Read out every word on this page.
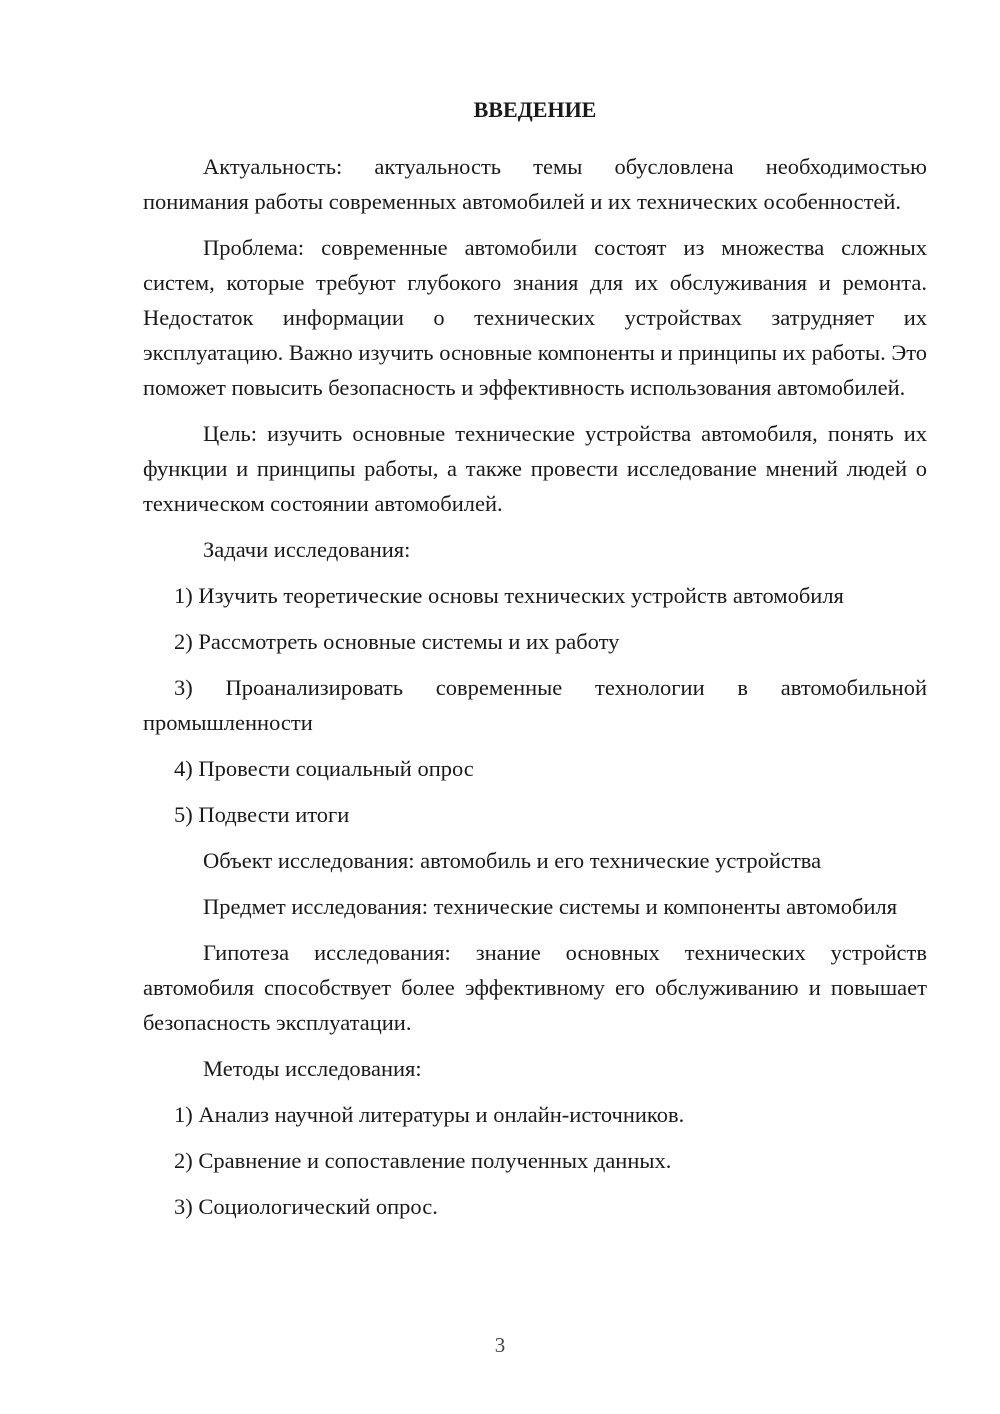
ВВЕДЕНИЕ

Актуальность: актуальность темы обусловлена необходимостью понимания работы современных автомобилей и их технических особенностей.

Проблема: современные автомобили состоят из множества сложных систем, которые требуют глубокого знания для их обслуживания и ремонта. Недостаток информации о технических устройствах затрудняет их эксплуатацию. Важно изучить основные компоненты и принципы их работы. Это поможет повысить безопасность и эффективность использования автомобилей.

Цель: изучить основные технические устройства автомобиля, понять их функции и принципы работы, а также провести исследование мнений людей о техническом состоянии автомобилей.

Задачи исследования:

1) Изучить теоретические основы технических устройств автомобиля

2) Рассмотреть основные системы и их работу

3) Проанализировать современные технологии в автомобильной промышленности

4) Провести социальный опрос

5) Подвести итоги

Объект исследования: автомобиль и его технические устройства

Предмет исследования: технические системы и компоненты автомобиля

Гипотеза исследования: знание основных технических устройств автомобиля способствует более эффективному его обслуживанию и повышает безопасность эксплуатации.

Методы исследования:

1) Анализ научной литературы и онлайн-источников.

2) Сравнение и сопоставление полученных данных.

3) Социологический опрос.

3
